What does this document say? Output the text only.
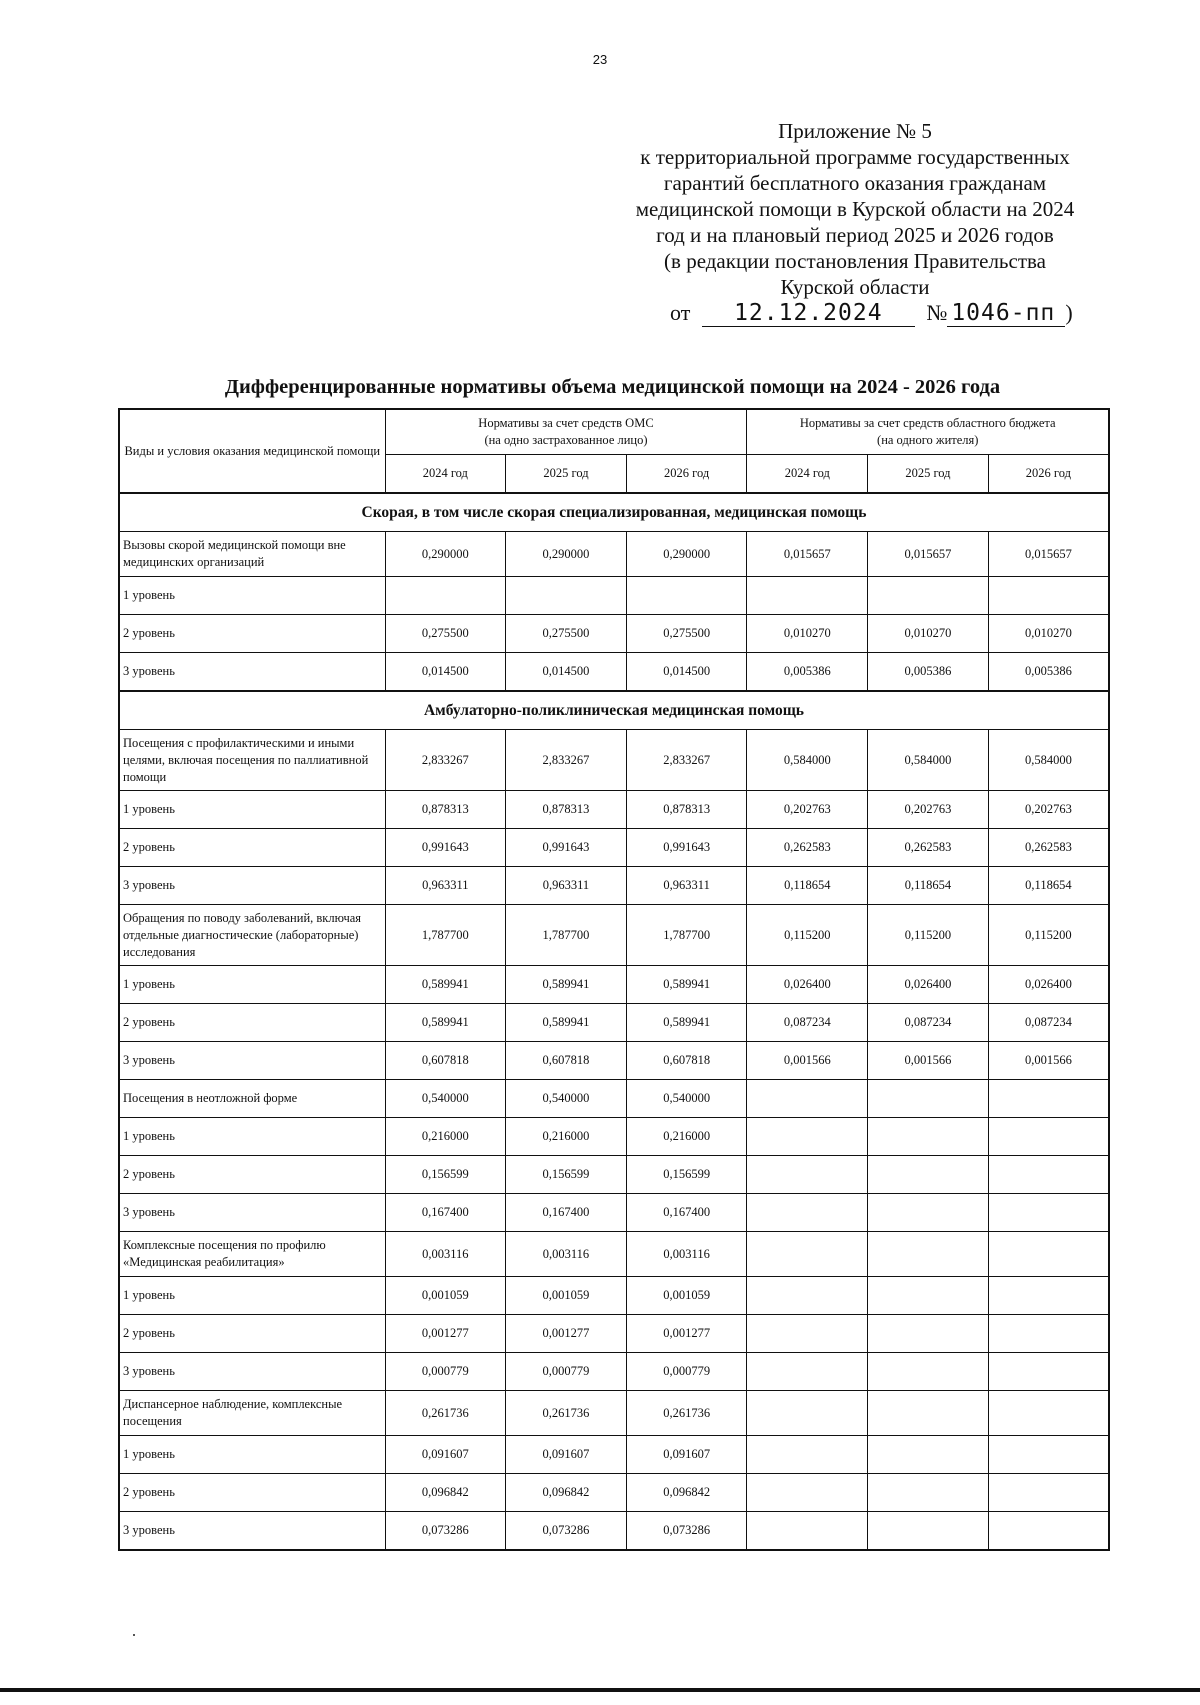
23
Приложение № 5
к территориальной программе государственных
гарантий бесплатного оказания гражданам
медицинской помощи в Курской области на 2024
год и на плановый период 2025 и 2026 годов
(в редакции постановления Правительства
Курской области
от 12.12.2024 № 1046-пп )
Дифференцированные нормативы объема медицинской помощи на 2024 - 2026 года
Виды и условия оказания медицинской помощи	Нормативы за счет средств ОМС
(на одно застрахованное лицо)			Нормативы за счет средств областного бюджета
(на одного жителя)		
	2024 год	2025 год	2026 год	2024 год	2025 год	2026 год
Скорая, в том числе скорая специализированная, медицинская помощь						
Вызовы скорой медицинской помощи вне медицинских организаций	0,290000	0,290000	0,290000	0,015657	0,015657	0,015657
1 уровень						
2 уровень	0,275500	0,275500	0,275500	0,010270	0,010270	0,010270
3 уровень	0,014500	0,014500	0,014500	0,005386	0,005386	0,005386
Амбулаторно-поликлиническая медицинская помощь						
Посещения с профилактическими и иными целями, включая посещения по паллиативной помощи	2,833267	2,833267	2,833267	0,584000	0,584000	0,584000
1 уровень	0,878313	0,878313	0,878313	0,202763	0,202763	0,202763
2 уровень	0,991643	0,991643	0,991643	0,262583	0,262583	0,262583
3 уровень	0,963311	0,963311	0,963311	0,118654	0,118654	0,118654
Обращения по поводу заболеваний, включая отдельные диагностические (лабораторные) исследования	1,787700	1,787700	1,787700	0,115200	0,115200	0,115200
1 уровень	0,589941	0,589941	0,589941	0,026400	0,026400	0,026400
2 уровень	0,589941	0,589941	0,589941	0,087234	0,087234	0,087234
3 уровень	0,607818	0,607818	0,607818	0,001566	0,001566	0,001566
Посещения в неотложной форме	0,540000	0,540000	0,540000			
1 уровень	0,216000	0,216000	0,216000			
2 уровень	0,156599	0,156599	0,156599			
3 уровень	0,167400	0,167400	0,167400			
Комплексные посещения по профилю «Медицинская реабилитация»	0,003116	0,003116	0,003116			
1 уровень	0,001059	0,001059	0,001059			
2 уровень	0,001277	0,001277	0,001277			
3 уровень	0,000779	0,000779	0,000779			
Диспансерное наблюдение, комплексные посещения	0,261736	0,261736	0,261736			
1 уровень	0,091607	0,091607	0,091607			
2 уровень	0,096842	0,096842	0,096842			
3 уровень	0,073286	0,073286	0,073286			
